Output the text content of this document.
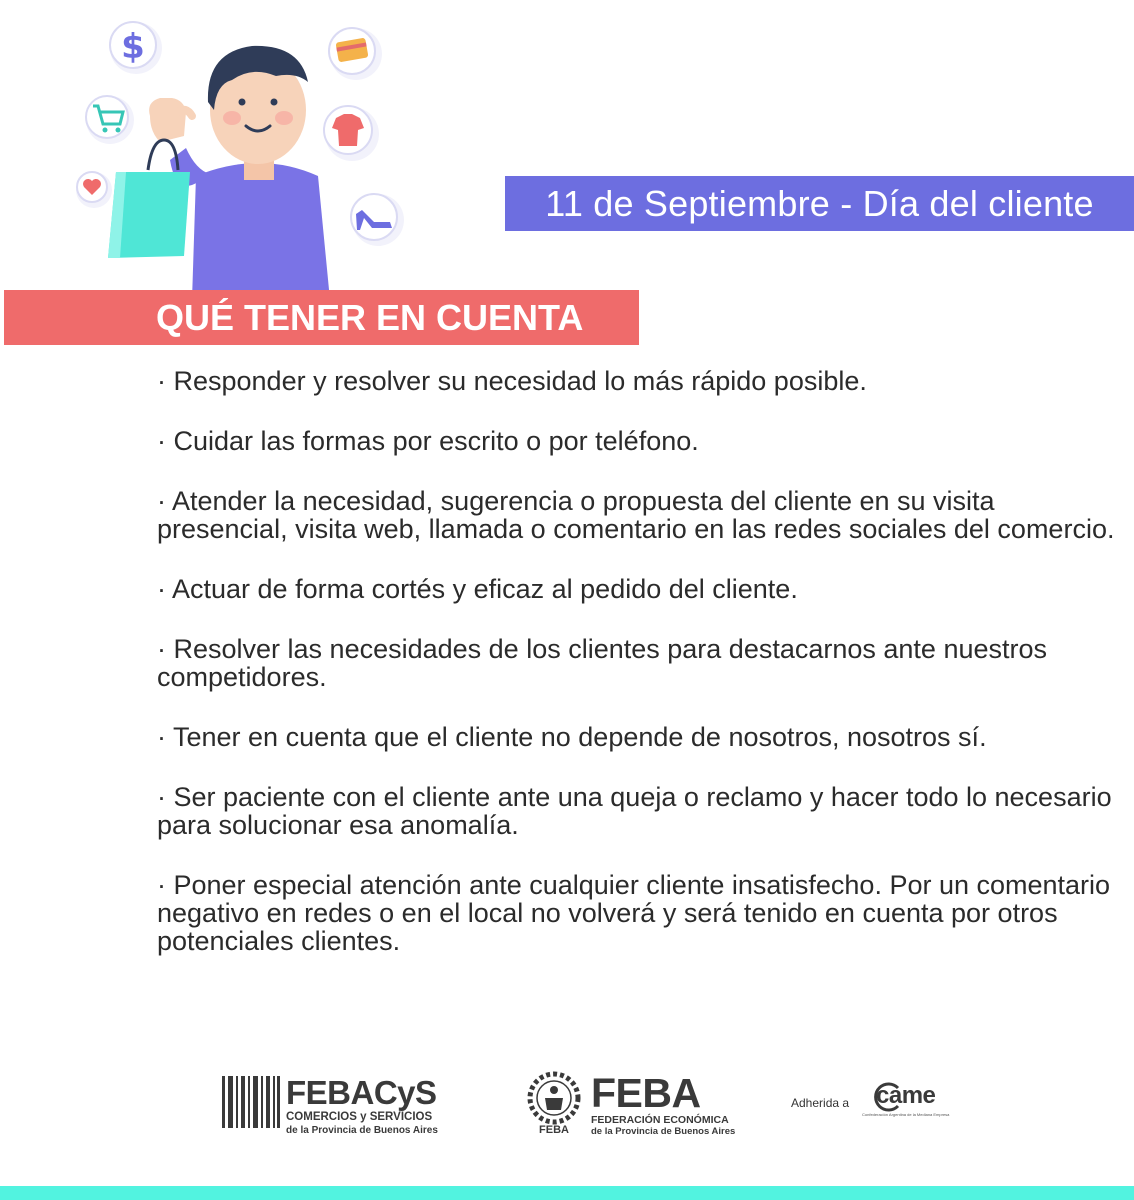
$
11 de Septiembre - Día del cliente
QUÉ TENER EN CUENTA
· Responder y resolver su necesidad lo más rápido posible.
· Cuidar las formas por escrito o por teléfono.
· Atender la necesidad, sugerencia o propuesta del cliente en su visita presencial, visita web, llamada o comentario en las redes sociales del comercio.
· Actuar de forma cortés y eficaz al pedido del cliente.
· Resolver las necesidades de los clientes para destacarnos ante nuestros competidores.
· Tener en cuenta que el cliente no depende de nosotros, nosotros sí.
· Ser paciente con el cliente ante una queja o reclamo y hacer todo lo necesario para solucionar esa anomalía.
· Poner especial atención ante cualquier cliente insatisfecho. Por un comentario negativo en redes o en el local no volverá y será tenido en cuenta por otros potenciales clientes.
FEBACyS
COMERCIOS y SERVICIOS
de la Provincia de Buenos Aires	FEBA
FEBA
FEDERACIÓN ECONÓMICA
de la Provincia de Buenos Aires
Adherida a came
Confederación Argentina de la Mediana Empresa
